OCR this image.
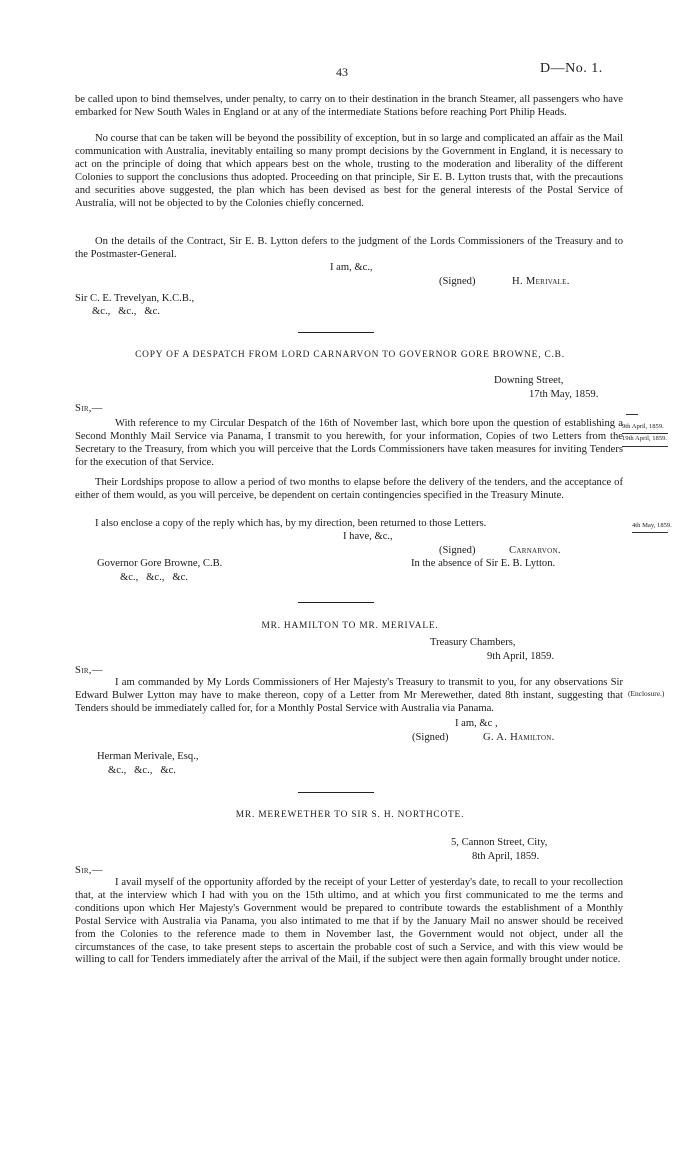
43	D—No. 1.

be called upon to bind themselves, under penalty, to carry on to their destination in the branch Steamer, all passengers who have embarked for New South Wales in England or at any of the intermediate Stations before reaching Port Philip Heads.

No course that can be taken will be beyond the possibility of exception, but in so large and complicated an affair as the Mail communication with Australia, inevitably entailing so many prompt decisions by the Government in England, it is necessary to act on the principle of doing that which appears best on the whole, trusting to the moderation and liberality of the different Colonies to support the conclusions thus adopted. Proceeding on that principle, Sir E. B. Lytton trusts that, with the precautions and securities above suggested, the plan which has been devised as best for the general interests of the Postal Service of Australia, will not be objected to by the Colonies chiefly concerned.

On the details of the Contract, Sir E. B. Lytton defers to the judgment of the Lords Commissioners of the Treasury and to the Postmaster-General.

I am, &c.,
(Signed)	H. Merivale.
Sir C. E. Trevelyan, K.C.B.,
&c.,   &c.,   &c.
COPY OF A DESPATCH FROM LORD CARNARVON TO GOVERNOR GORE BROWNE, C.B.
Downing Street,
17th May, 1859.
Sir,—

With reference to my Circular Despatch of the 16th of November last, which bore upon the question of establishing a Second Monthly Mail Service via Panama, I transmit to you herewith, for your information, Copies of two Letters from the Secretary to the Treasury, from which you will perceive that the Lords Commissioners have taken measures for inviting Tenders for the execution of that Service.

Their Lordships propose to allow a period of two months to elapse before the delivery of the tenders, and the acceptance of either of them would, as you will perceive, be dependent on certain contingencies specified in the Treasury Minute.

I also enclose a copy of the reply which has, by my direction, been returned to those Letters.

I have, &c.,
(Signed)	Carnarvon.
In the absence of Sir E. B. Lytton.
Governor Gore Browne, C.B.
&c.,   &c.,   &c.
9th April, 1859.
19th April, 1859.
4th May, 1859.
MR. HAMILTON TO MR. MERIVALE.
Treasury Chambers,
9th April, 1859.
Sir,—

I am commanded by My Lords Commissioners of Her Majesty's Treasury to transmit to you, for any observations Sir Edward Bulwer Lytton may have to make thereon, copy of a Letter from Mr Merewether, dated 8th instant, suggesting that Tenders should be immediately called for, for a Monthly Postal Service with Australia via Panama.

(Enclosure.)
I am, &c ,
(Signed)	G. A. Hamilton.
Herman Merivale, Esq.,
&c.,   &c.,   &c.
MR. MEREWETHER TO SIR S. H. NORTHCOTE.
5, Cannon Street, City,
8th April, 1859.
Sir,—

I avail myself of the opportunity afforded by the receipt of your Letter of yesterday's date, to recall to your recollection that, at the interview which I had with you on the 15th ultimo, and at which you first communicated to me the terms and conditions upon which Her Majesty's Government would be prepared to contribute towards the establishment of a Monthly Postal Service with Australia via Panama, you also intimated to me that if by the January Mail no answer should be received from the Colonies to the reference made to them in November last, the Government would not object, under all the circumstances of the case, to take present steps to ascertain the probable cost of such a Service, and with this view would be willing to call for Tenders immediately after the arrival of the Mail, if the subject were then again formally brought under notice.
